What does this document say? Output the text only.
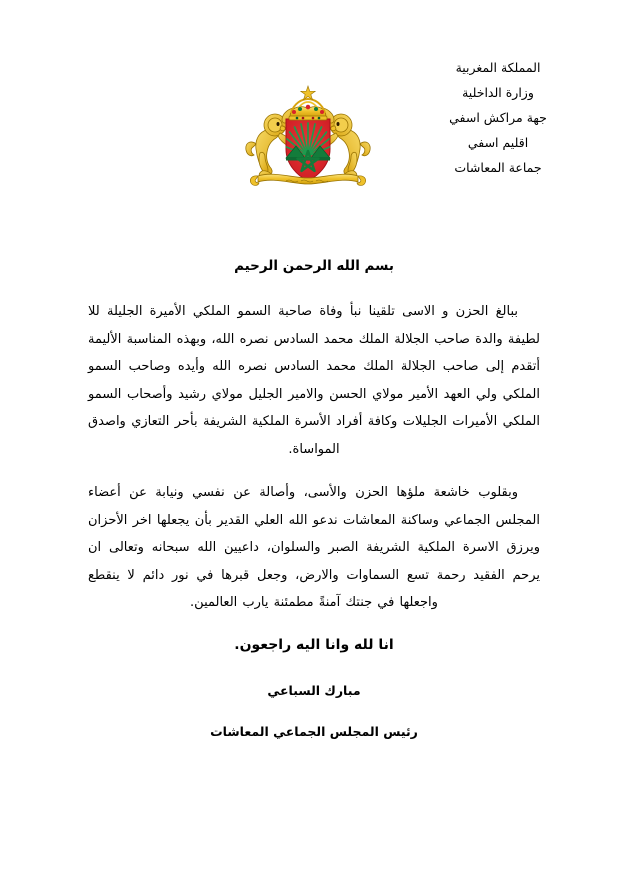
المملكة المغربية
وزارة الداخلية
جهة مراكش اسفي
اقليم اسفي
جماعة المعاشات
بسم الله الرحمن الرحيم

ببالغ الحزن و الاسى تلقينا نبأ وفاة صاحبة السمو الملكي الأميرة الجليلة للا لطيفة والدة صاحب الجلالة الملك محمد السادس نصره الله، وبهذه المناسبة الأليمة أتقدم إلى صاحب الجلالة الملك محمد السادس نصره الله وأيده وصاحب السمو الملكي ولي العهد الأمير مولاي الحسن والامير الجليل مولاي رشيد وأصحاب السمو الملكي الأميرات الجليلات وكافة أفراد الأسرة الملكية الشريفة بأحر التعازي واصدق المواساة.

وبقلوب خاشعة ملؤها الحزن والأسى، وأصالة عن نفسي ونيابة عن أعضاء المجلس الجماعي وساكنة المعاشات ندعو الله العلي القدير بأن يجعلها اخر الأحزان ويرزق الاسرة الملكية الشريفة الصبر والسلوان، داعيين الله سبحانه وتعالى ان يرحم الفقيد رحمة تسع السماوات والارض، وجعل قبرها في نور دائم لا ينقطع واجعلها في جنتك آمنةً مطمئنة يارب العالمين.

انا لله وانا اليه راجعون.
مبارك السباعي
رئيس المجلس الجماعي المعاشات
